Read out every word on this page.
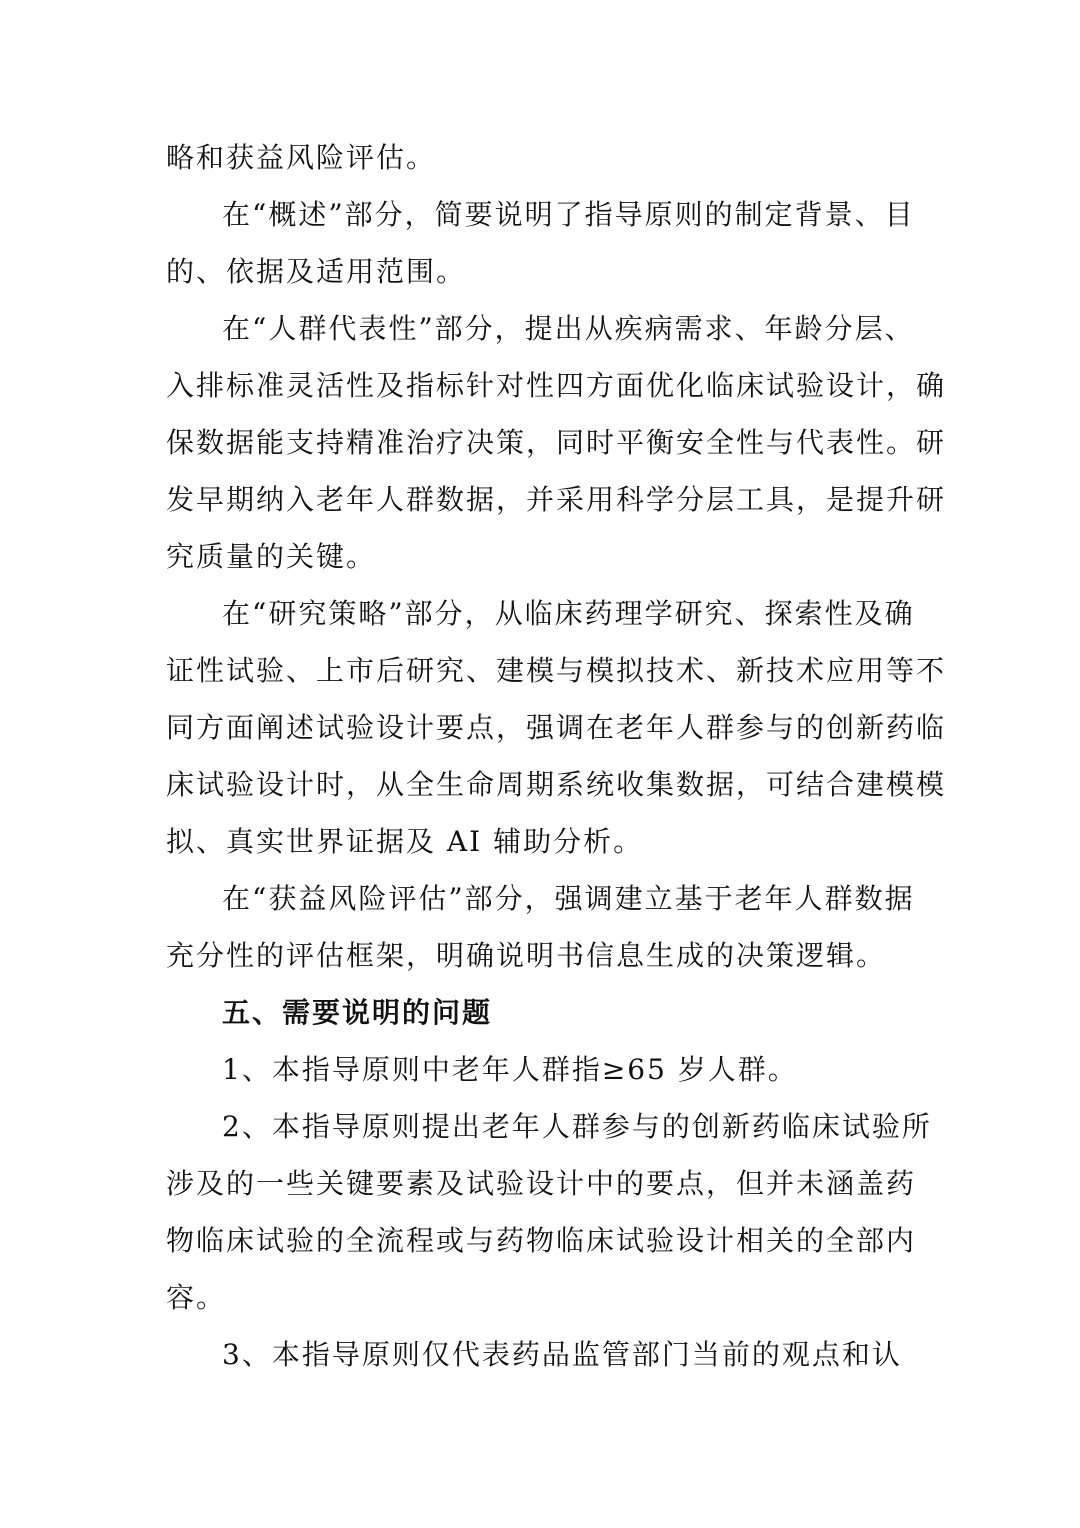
略和获益风险评估。
在“概述”部分，简要说明了指导原则的制定背景、目
的、依据及适用范围。
在“人群代表性”部分，提出从疾病需求、年龄分层、
入排标准灵活性及指标针对性四方面优化临床试验设计，确
保数据能支持精准治疗决策，同时平衡安全性与代表性。研
发早期纳入老年人群数据，并采用科学分层工具，是提升研
究质量的关键。
在“研究策略”部分，从临床药理学研究、探索性及确
证性试验、上市后研究、建模与模拟技术、新技术应用等不
同方面阐述试验设计要点，强调在老年人群参与的创新药临
床试验设计时，从全生命周期系统收集数据，可结合建模模
拟、真实世界证据及 AI 辅助分析。
在“获益风险评估”部分，强调建立基于老年人群数据
充分性的评估框架，明确说明书信息生成的决策逻辑。
五、需要说明的问题
1、本指导原则中老年人群指≥65 岁人群。
2、本指导原则提出老年人群参与的创新药临床试验所
涉及的一些关键要素及试验设计中的要点，但并未涵盖药
物临床试验的全流程或与药物临床试验设计相关的全部内
容。
3、本指导原则仅代表药品监管部门当前的观点和认
